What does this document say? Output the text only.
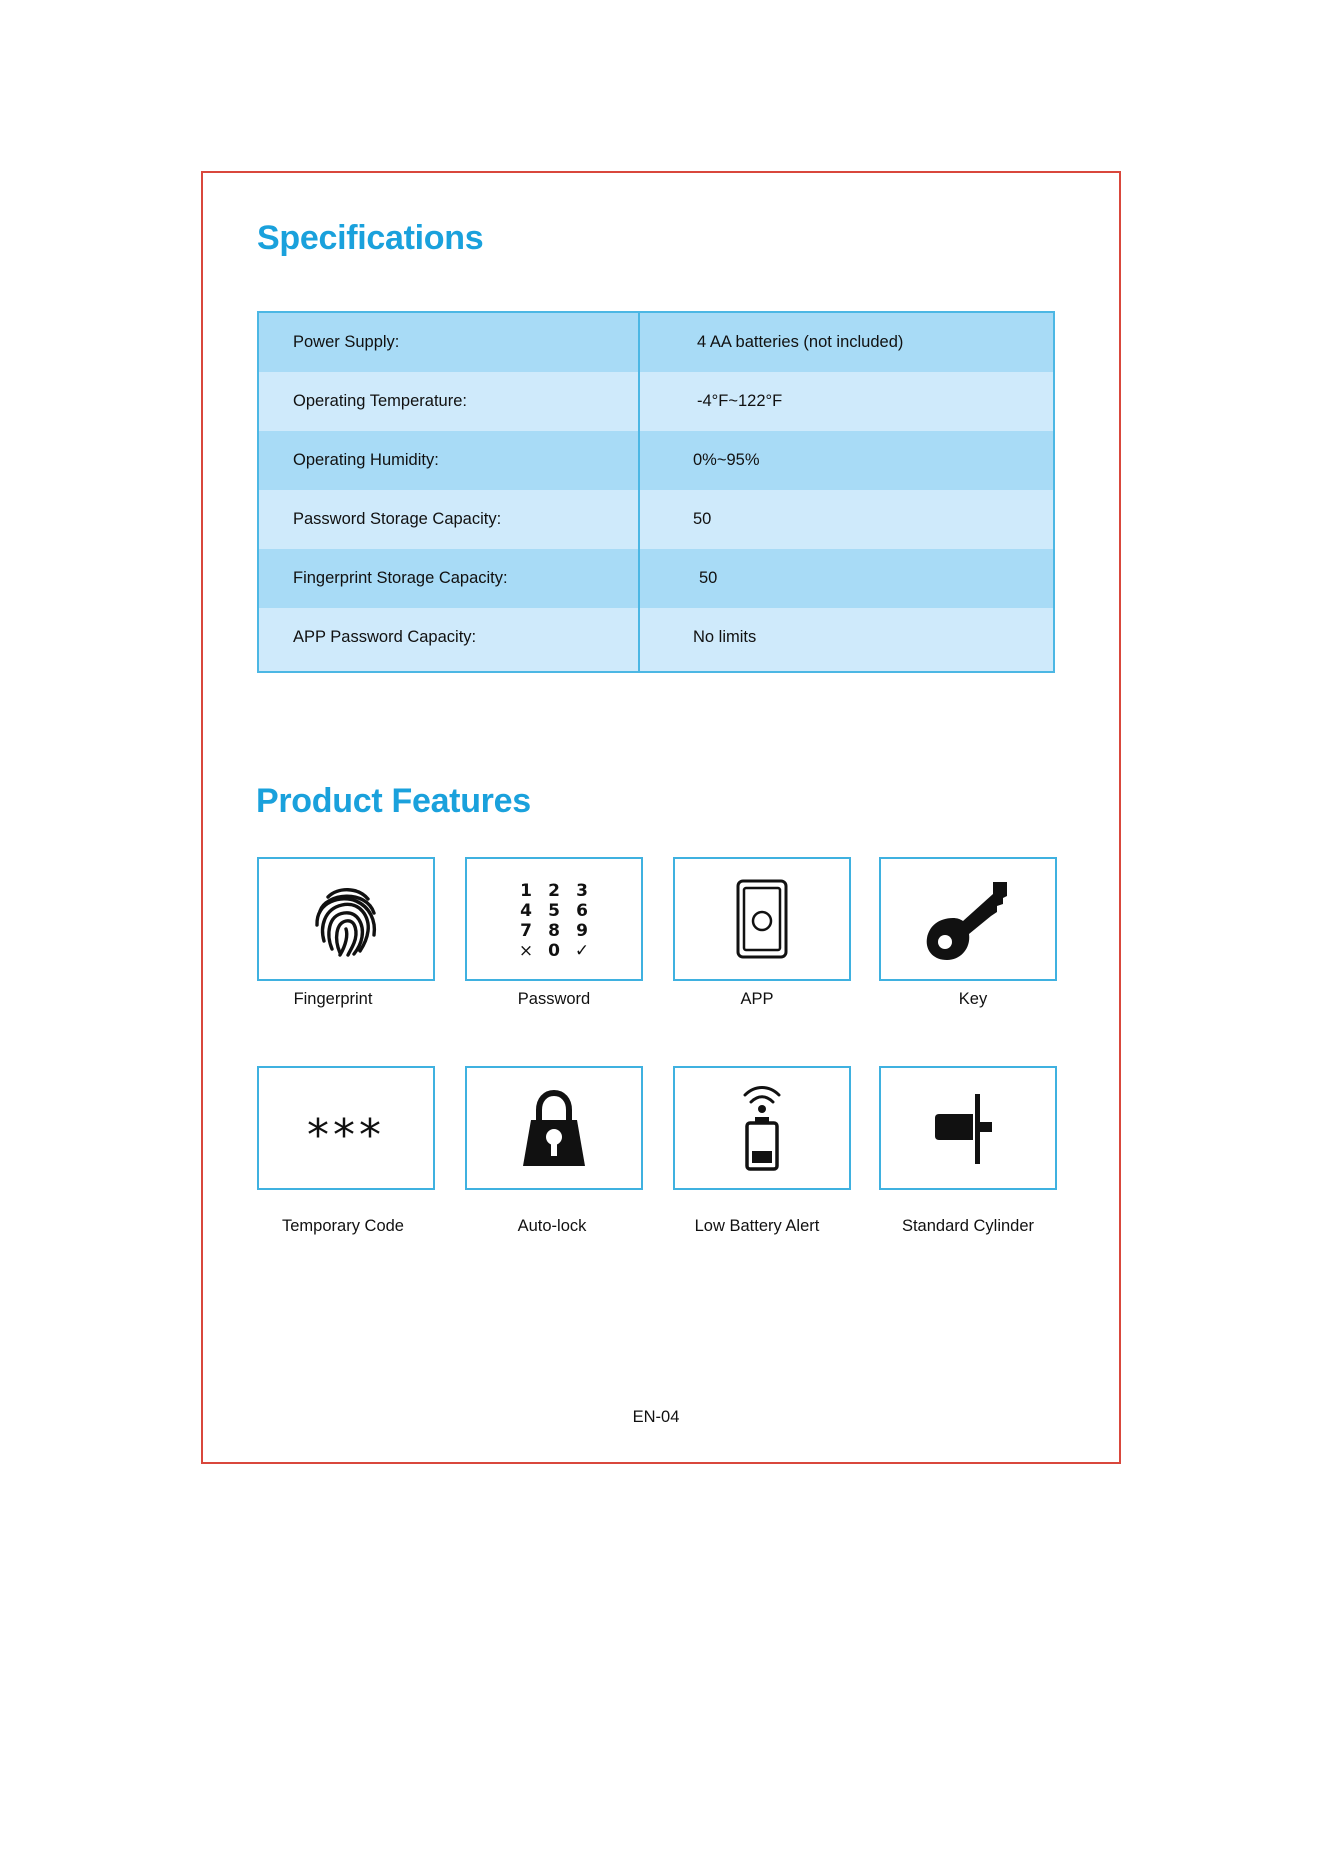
Specifications
Power Supply:	4 AA batteries (not included)
Operating Temperature:	-4°F~122°F
Operating Humidity:	0%~95%
Password Storage Capacity:	50
Fingerprint Storage Capacity:	50
APP Password Capacity:	No limits
Product Features
Fingerprint
1 2 3
4 5 6
7 8 9
× 0 ✓
Password	APP	Key
***
Temporary Code	Auto-lock	Low Battery Alert	Standard Cylinder
EN-04
